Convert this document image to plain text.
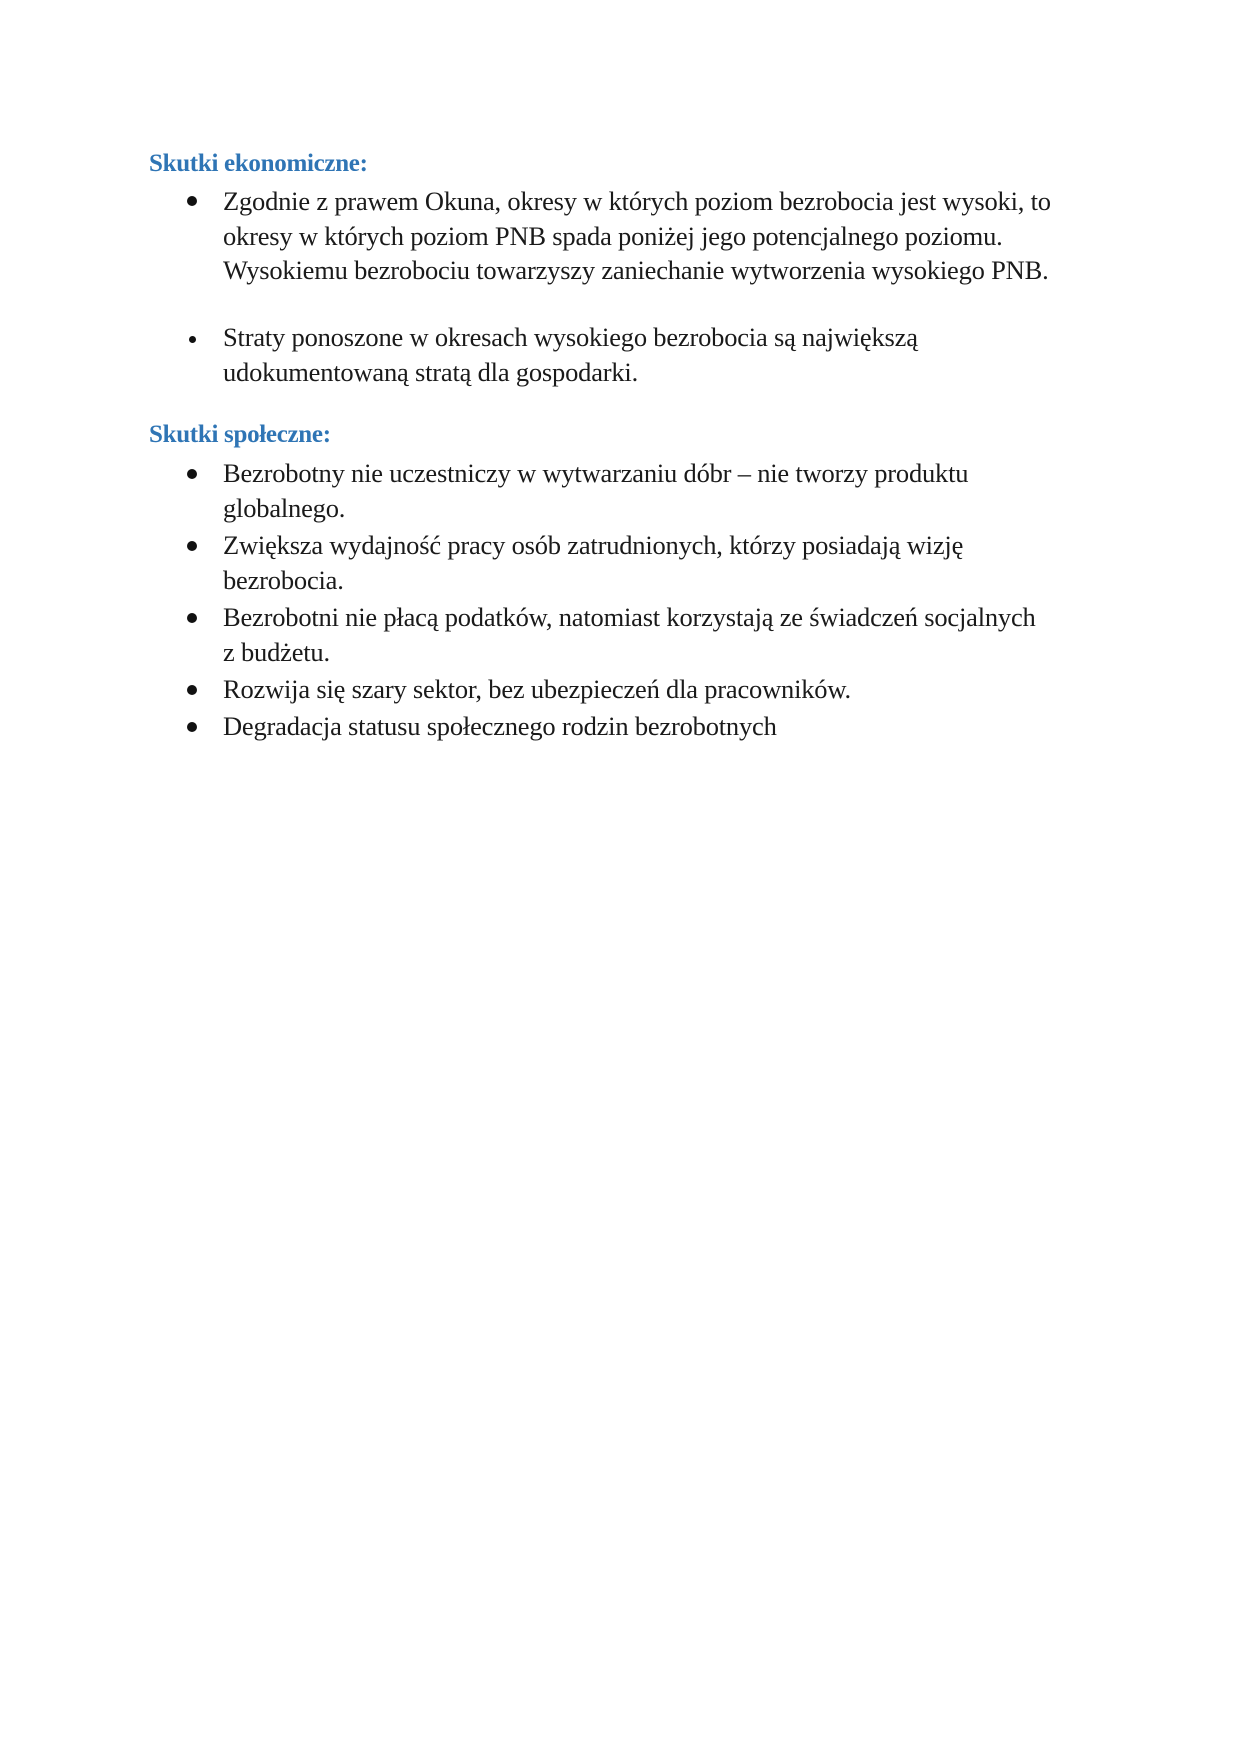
Skutki ekonomiczne:
Zgodnie z prawem Okuna, okresy w których poziom bezrobocia jest wysoki, to okresy w których poziom PNB spada poniżej jego potencjalnego poziomu. Wysokiemu bezrobociu towarzyszy zaniechanie wytworzenia wysokiego PNB.
Straty ponoszone w okresach wysokiego bezrobocia są największą udokumentowaną stratą dla gospodarki.
Skutki społeczne:
Bezrobotny nie uczestniczy w wytwarzaniu dóbr – nie tworzy produktu globalnego.
Zwiększa wydajność pracy osób zatrudnionych, którzy posiadają wizję bezrobocia.
Bezrobotni nie płacą podatków, natomiast korzystają ze świadczeń socjalnych z budżetu.
Rozwija się szary sektor, bez ubezpieczeń dla pracowników.
Degradacja statusu społecznego rodzin bezrobotnych
